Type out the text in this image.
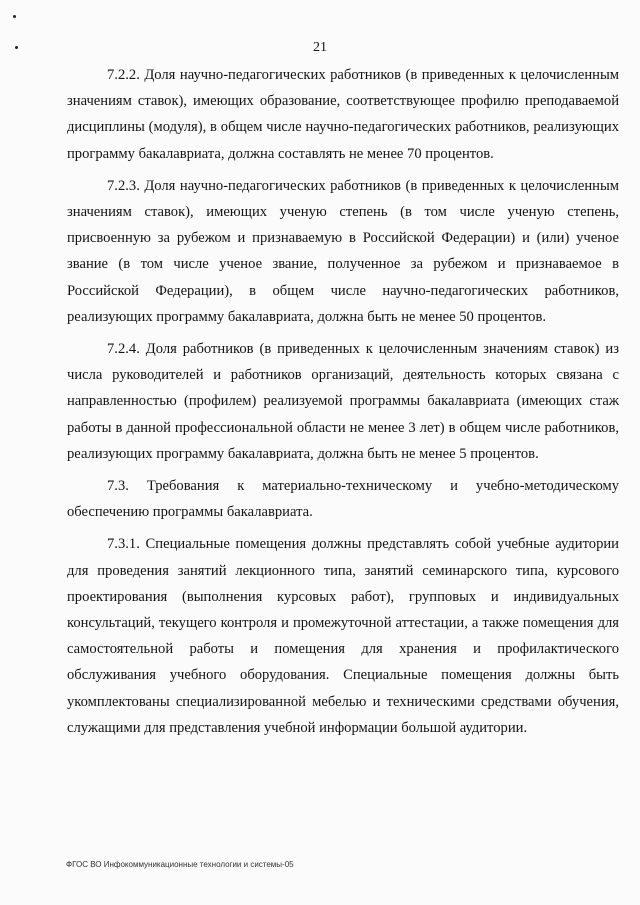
21

7.2.2. Доля научно-педагогических работников (в приведенных к целочисленным значениям ставок), имеющих образование, соответствующее профилю преподаваемой дисциплины (модуля), в общем числе научно-педагогических работников, реализующих программу бакалавриата, должна составлять не менее 70 процентов.

7.2.3. Доля научно-педагогических работников (в приведенных к целочисленным значениям ставок), имеющих ученую степень (в том числе ученую степень, присвоенную за рубежом и признаваемую в Российской Федерации) и (или) ученое звание (в том числе ученое звание, полученное за рубежом и признаваемое в Российской Федерации), в общем числе научно-педагогических работников, реализующих программу бакалавриата, должна быть не менее 50 процентов.

7.2.4. Доля работников (в приведенных к целочисленным значениям ставок) из числа руководителей и работников организаций, деятельность которых связана с направленностью (профилем) реализуемой программы бакалавриата (имеющих стаж работы в данной профессиональной области не менее 3 лет) в общем числе работников, реализующих программу бакалавриата, должна быть не менее 5 процентов.

7.3. Требования к материально-техническому и учебно-методическому обеспечению программы бакалавриата.

7.3.1. Специальные помещения должны представлять собой учебные аудитории для проведения занятий лекционного типа, занятий семинарского типа, курсового проектирования (выполнения курсовых работ), групповых и индивидуальных консультаций, текущего контроля и промежуточной аттестации, а также помещения для самостоятельной работы и помещения для хранения и профилактического обслуживания учебного оборудования. Специальные помещения должны быть укомплектованы специализированной мебелью и техническими средствами обучения, служащими для представления учебной информации большой аудитории.

ФГОС ВО Инфокоммуникационные технологии и системы-05
